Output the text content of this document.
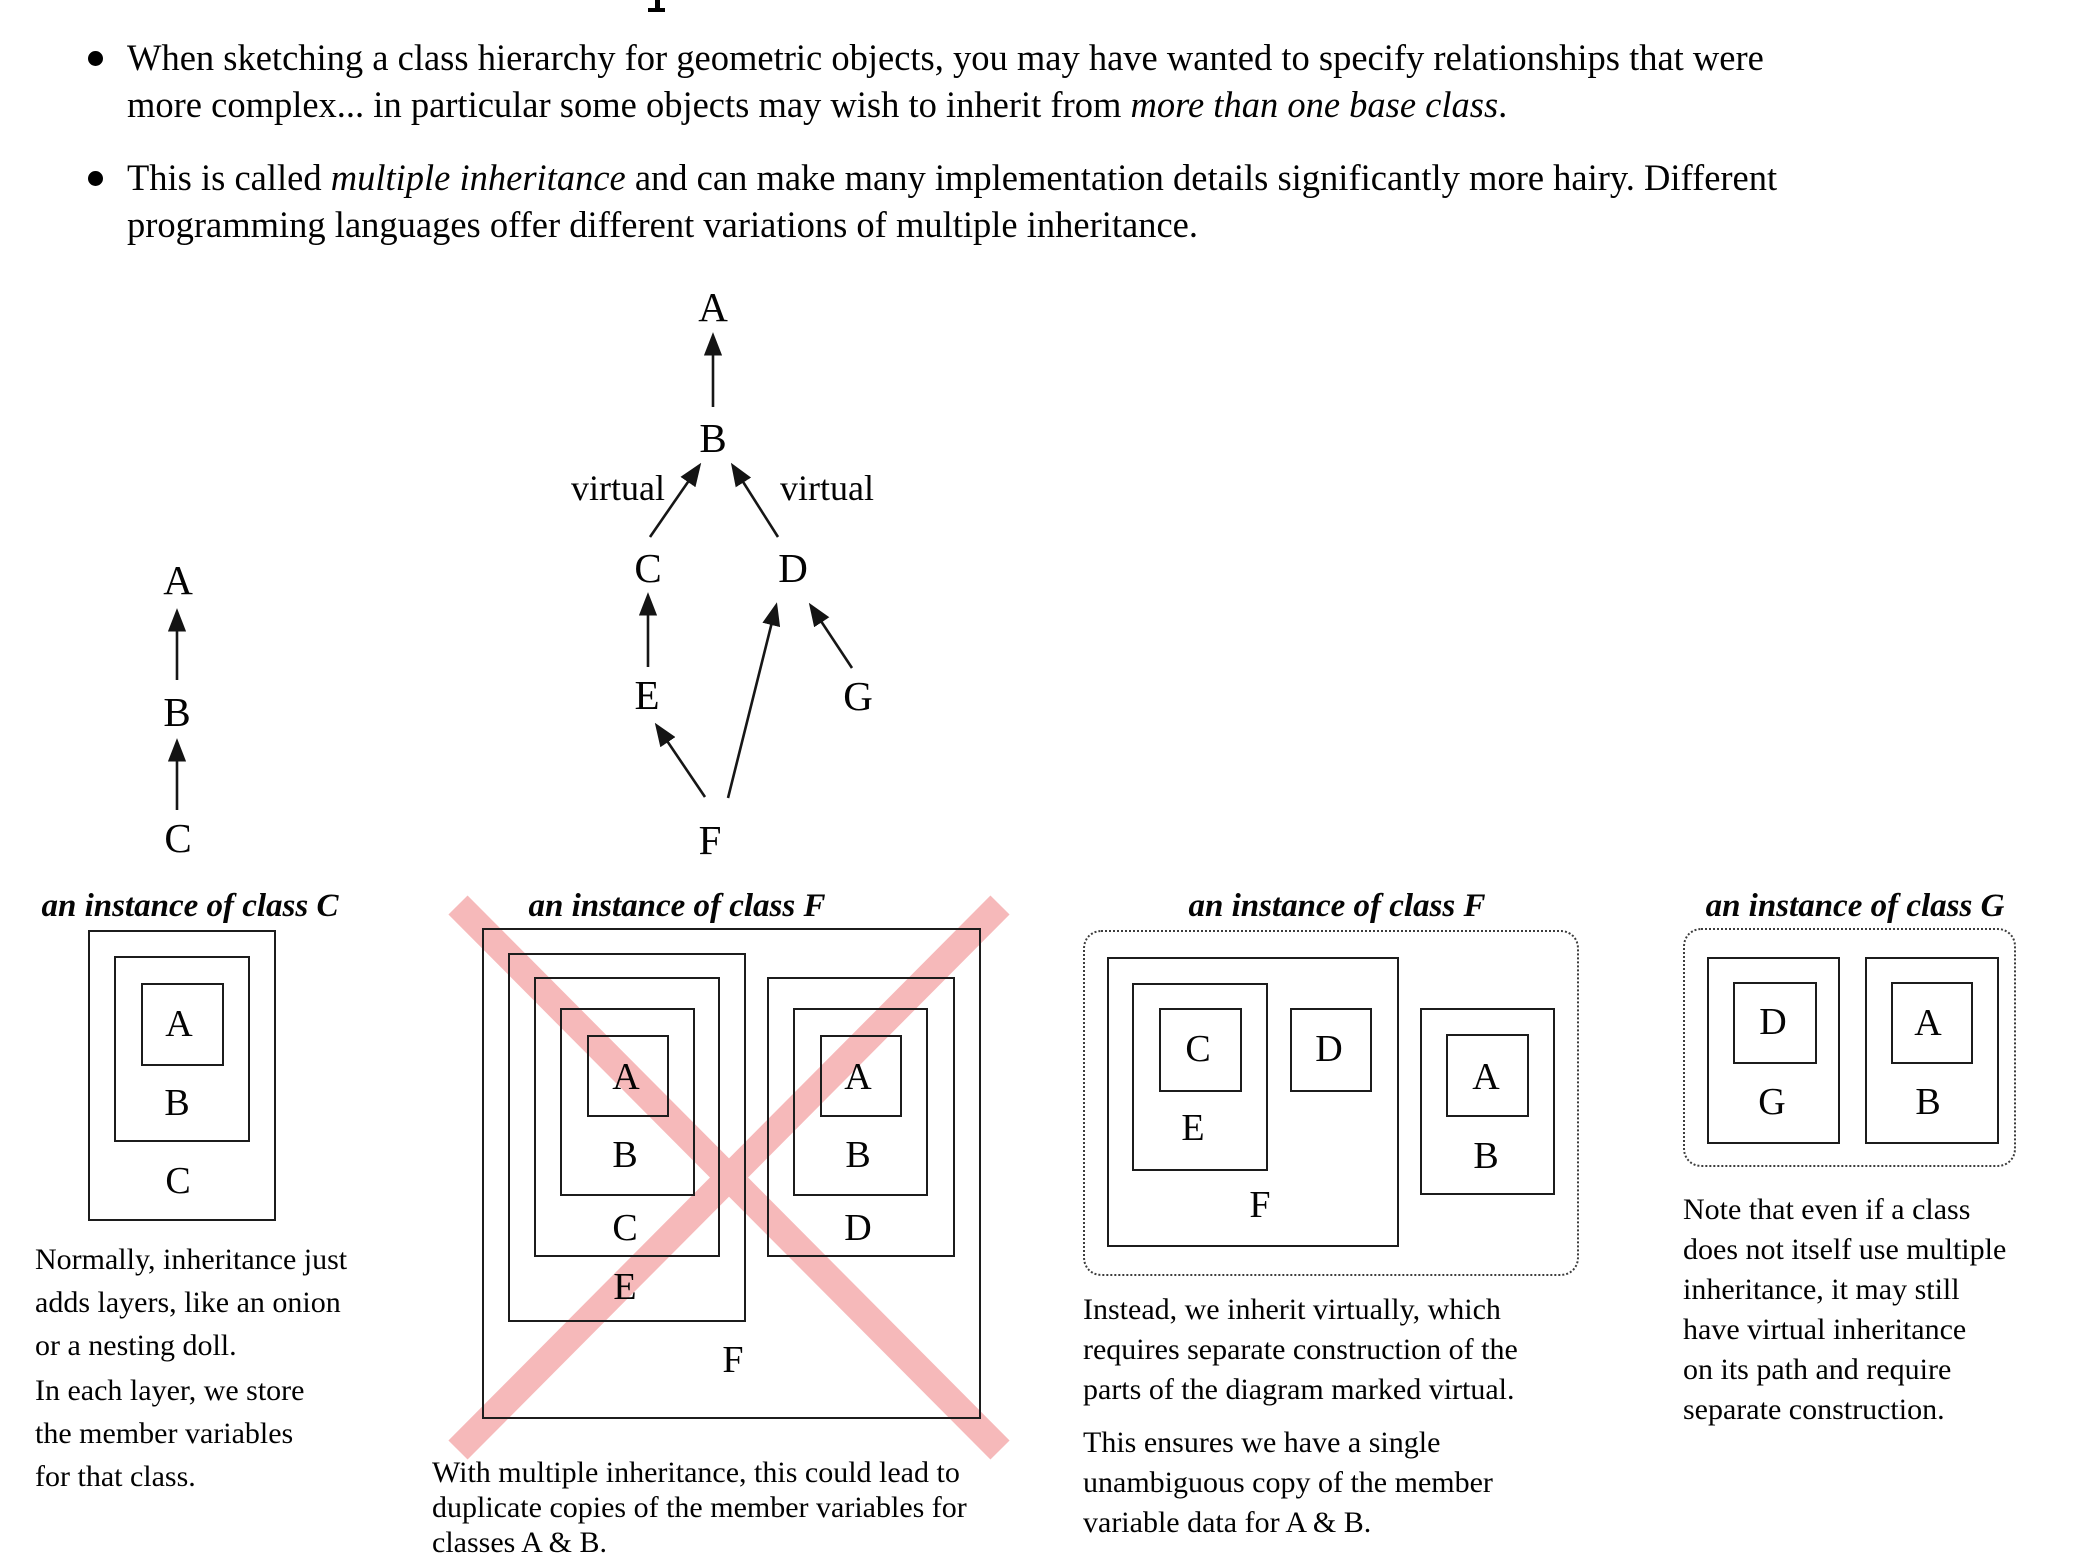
When sketching a class hierarchy for geometric objects, you may have wanted to specify relationships that were
more complex... in particular some objects may wish to inherit from more than one base class.
This is called multiple inheritance and can make many implementation details significantly more hairy. Different
programming languages offer different variations of multiple inheritance.
A
B
C
A
B
virtual	virtual
C	D
E	G
F
an instance of class C
A
B
C
Normally, inheritance just
adds layers, like an onion
or a nesting doll.
In each layer, we store
the member variables
for that class.
an instance of class F
A
B
C
E
F
A
B
D
With multiple inheritance, this could lead to
duplicate copies of the member variables for
classes A & B.
an instance of class F
C	D
E
F
A
B
Instead, we inherit virtually, which
requires separate construction of the
parts of the diagram marked virtual.
This ensures we have a single
unambiguous copy of the member
variable data for A & B.
an instance of class G
D
G
A
B
Note that even if a class
does not itself use multiple
inheritance, it may still
have virtual inheritance
on its path and require
separate construction.
